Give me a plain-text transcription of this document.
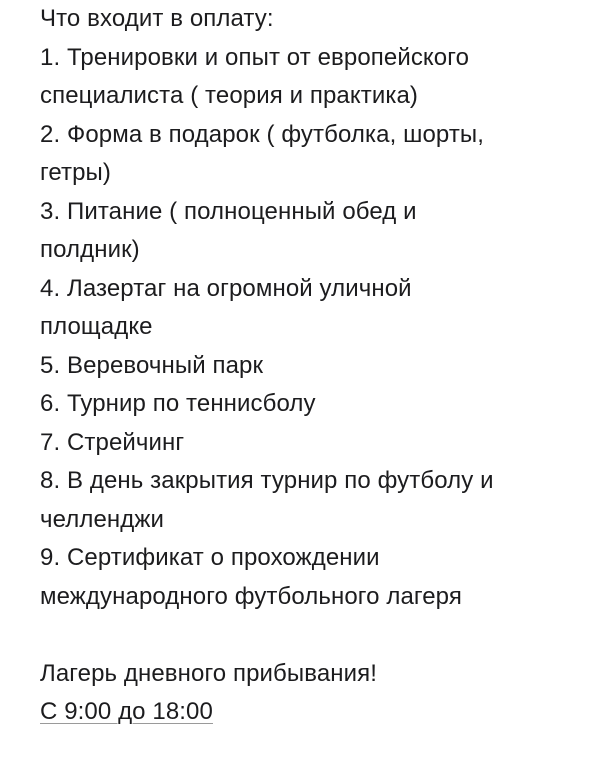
Что входит в оплату:
1. Тренировки и опыт от европейского
специалиста ( теория и практика)
2. Форма в подарок ( футболка, шорты,
гетры)
3. Питание ( полноценный обед и
полдник)
4. Лазертаг на огромной уличной
площадке
5. Веревочный парк
6. Турнир по теннисболу
7. Стрейчинг
8. В день закрытия турнир по футболу и
челленджи
9. Сертификат о прохождении
международного футбольного лагеря
Лагерь дневного прибывания!
С 9:00 до 18:00
